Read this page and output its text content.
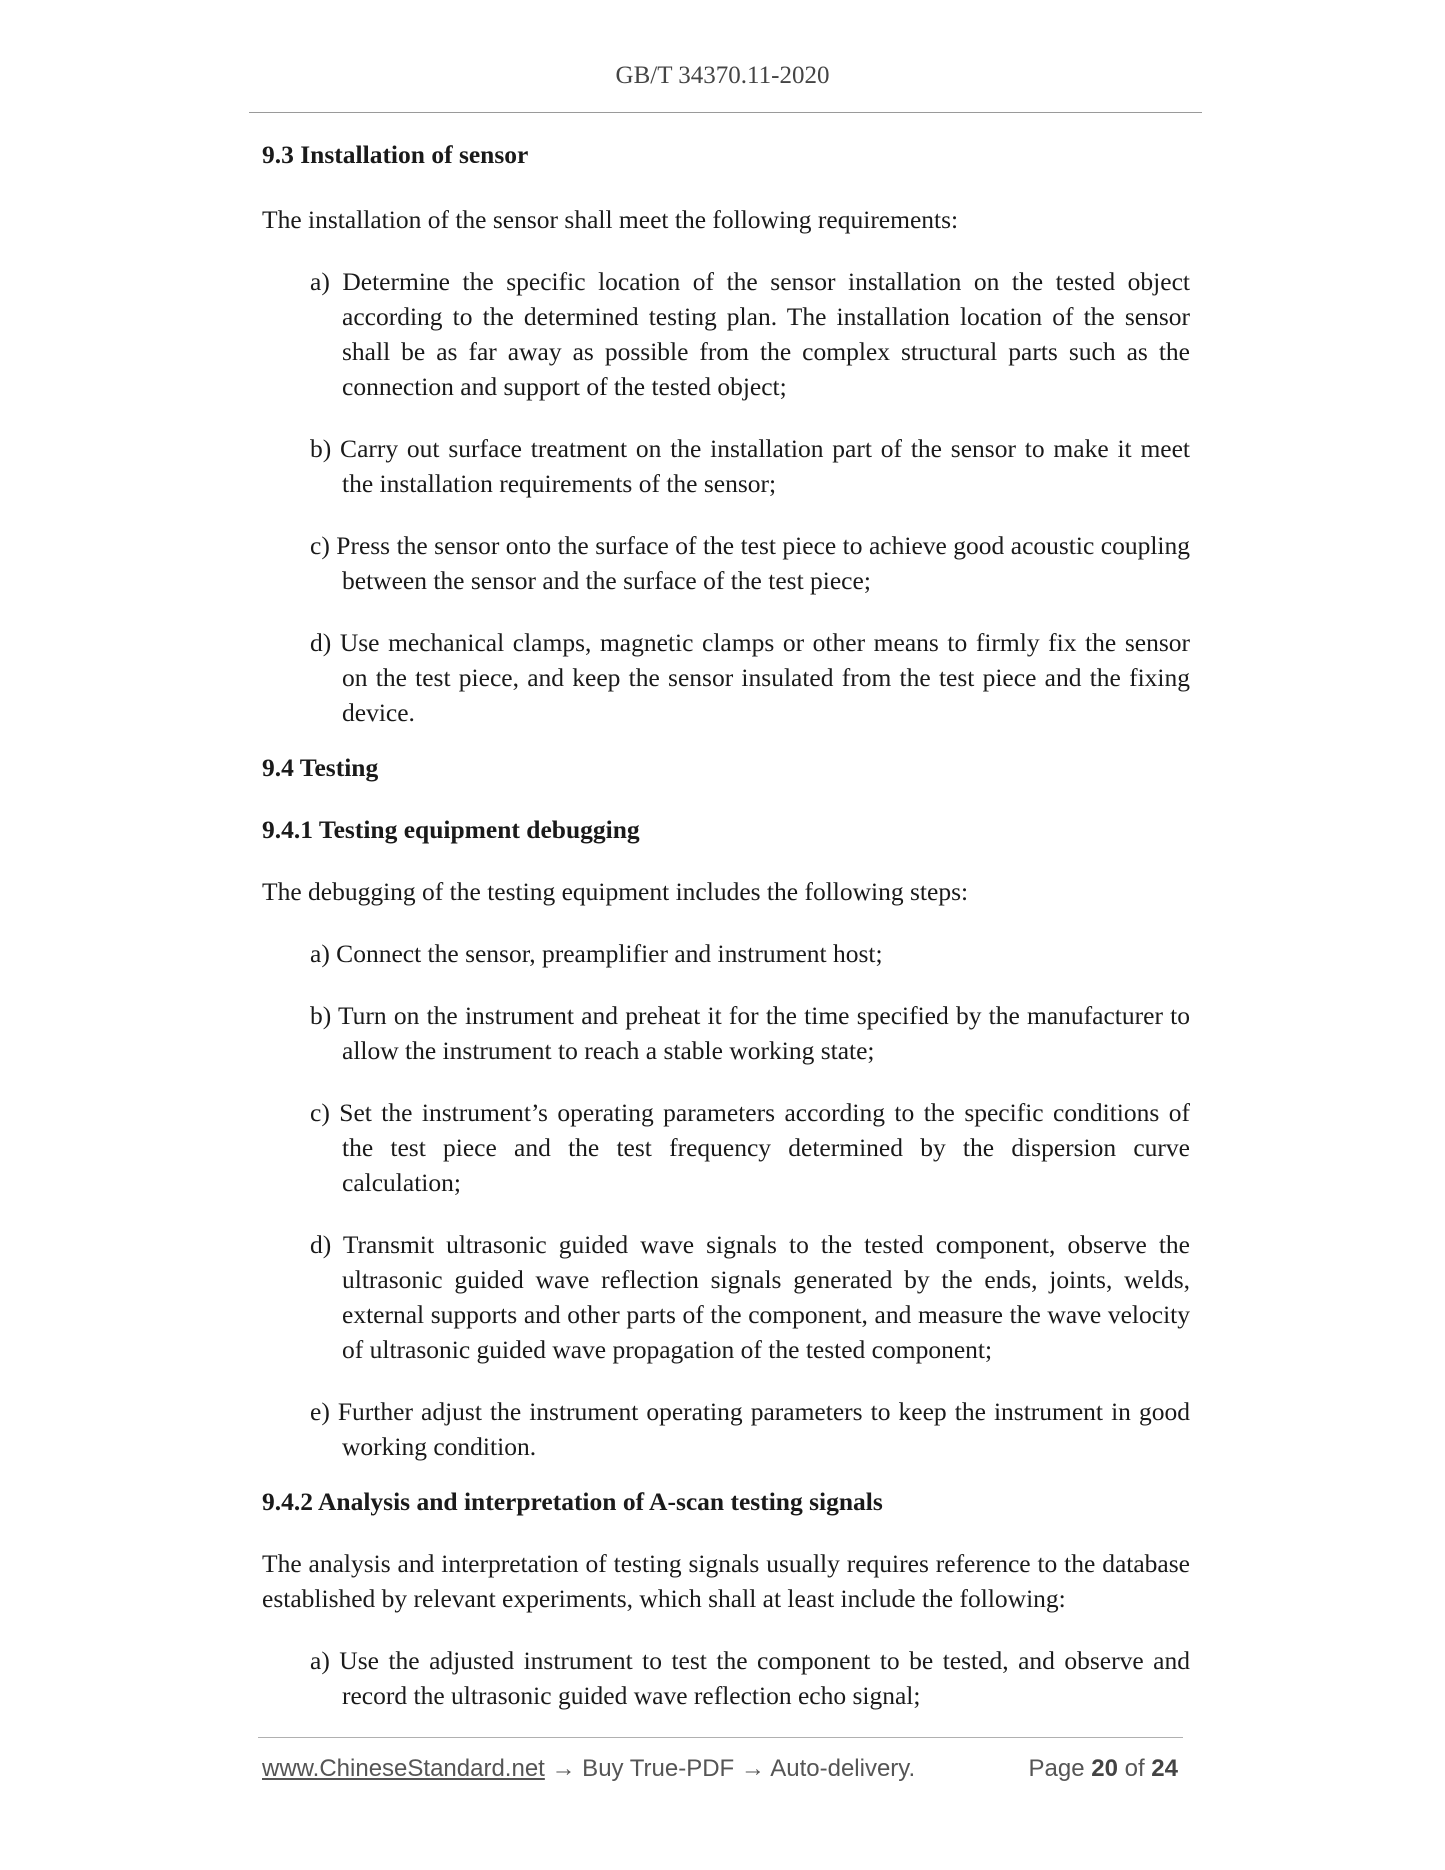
GB/T 34370.11-2020
9.3 Installation of sensor
The installation of the sensor shall meet the following requirements:
a) Determine the specific location of the sensor installation on the tested object according to the determined testing plan. The installation location of the sensor shall be as far away as possible from the complex structural parts such as the connection and support of the tested object;
b) Carry out surface treatment on the installation part of the sensor to make it meet the installation requirements of the sensor;
c) Press the sensor onto the surface of the test piece to achieve good acoustic coupling between the sensor and the surface of the test piece;
d) Use mechanical clamps, magnetic clamps or other means to firmly fix the sensor on the test piece, and keep the sensor insulated from the test piece and the fixing device.
9.4 Testing
9.4.1 Testing equipment debugging
The debugging of the testing equipment includes the following steps:
a) Connect the sensor, preamplifier and instrument host;
b) Turn on the instrument and preheat it for the time specified by the manufacturer to allow the instrument to reach a stable working state;
c) Set the instrument’s operating parameters according to the specific conditions of the test piece and the test frequency determined by the dispersion curve calculation;
d) Transmit ultrasonic guided wave signals to the tested component, observe the ultrasonic guided wave reflection signals generated by the ends, joints, welds, external supports and other parts of the component, and measure the wave velocity of ultrasonic guided wave propagation of the tested component;
e) Further adjust the instrument operating parameters to keep the instrument in good working condition.
9.4.2 Analysis and interpretation of A-scan testing signals
The analysis and interpretation of testing signals usually requires reference to the database established by relevant experiments, which shall at least include the following:
a) Use the adjusted instrument to test the component to be tested, and observe and record the ultrasonic guided wave reflection echo signal;
www.ChineseStandard.net → Buy True-PDF → Auto-delivery.	Page 20 of 24
